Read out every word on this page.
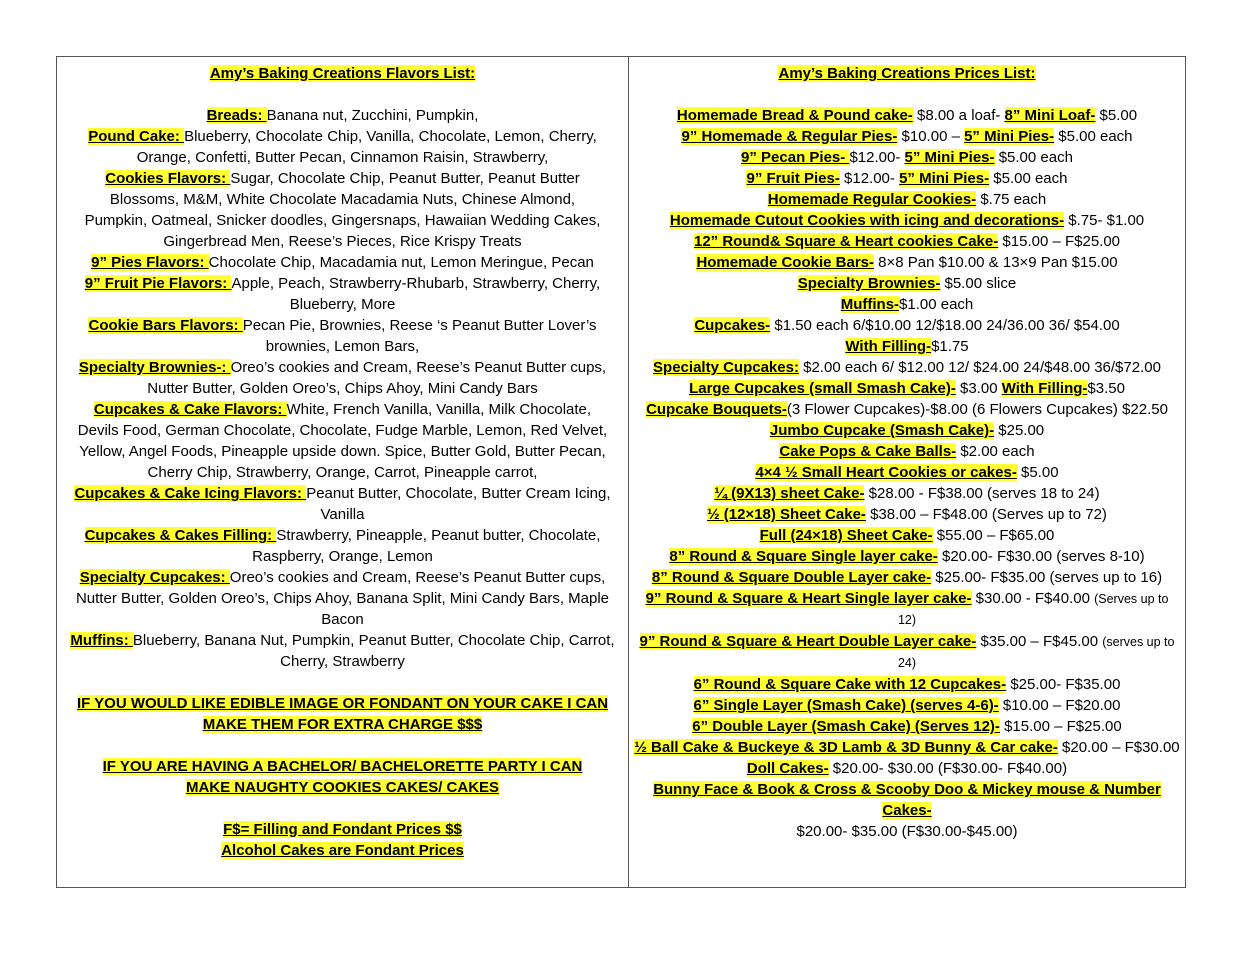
Amy’s Baking Creations Flavors List:

Breads: Banana nut, Zucchini, Pumpkin,

Pound Cake: Blueberry, Chocolate Chip, Vanilla, Chocolate, Lemon, Cherry,

Orange, Confetti, Butter Pecan, Cinnamon Raisin, Strawberry,

Cookies Flavors: Sugar, Chocolate Chip, Peanut Butter, Peanut Butter

Blossoms, M&M, White Chocolate Macadamia Nuts, Chinese Almond,

Pumpkin, Oatmeal, Snicker doodles, Gingersnaps, Hawaiian Wedding Cakes,

Gingerbread Men, Reese’s Pieces, Rice Krispy Treats

9” Pies Flavors: Chocolate Chip, Macadamia nut, Lemon Meringue, Pecan

9” Fruit Pie Flavors: Apple, Peach, Strawberry-Rhubarb, Strawberry, Cherry,

Blueberry, More

Cookie Bars Flavors: Pecan Pie, Brownies, Reese ‘s Peanut Butter Lover’s

brownies, Lemon Bars,

Specialty Brownies-: Oreo’s cookies and Cream, Reese’s Peanut Butter cups,

Nutter Butter, Golden Oreo’s, Chips Ahoy, Mini Candy Bars

Cupcakes & Cake Flavors: White, French Vanilla, Vanilla, Milk Chocolate,

Devils Food, German Chocolate, Chocolate, Fudge Marble, Lemon, Red Velvet,

Yellow, Angel Foods, Pineapple upside down. Spice, Butter Gold, Butter Pecan,

Cherry Chip, Strawberry, Orange, Carrot, Pineapple carrot,

Cupcakes & Cake Icing Flavors: Peanut Butter, Chocolate, Butter Cream Icing,

Vanilla

Cupcakes & Cakes Filling: Strawberry, Pineapple, Peanut butter, Chocolate,

Raspberry, Orange, Lemon

Specialty Cupcakes: Oreo’s cookies and Cream, Reese’s Peanut Butter cups,

Nutter Butter, Golden Oreo’s, Chips Ahoy, Banana Split, Mini Candy Bars, Maple

Bacon

Muffins: Blueberry, Banana Nut, Pumpkin, Peanut Butter, Chocolate Chip, Carrot,

Cherry, Strawberry

IF YOU WOULD LIKE EDIBLE IMAGE OR FONDANT ON YOUR CAKE I CAN MAKE THEM FOR EXTRA CHARGE $$$

IF YOU ARE HAVING A BACHELOR/ BACHELORETTE PARTY I CAN MAKE NAUGHTY COOKIES CAKES/ CAKES

F$= Filling and Fondant Prices $$

Alcohol Cakes are Fondant Prices

Amy’s Baking Creations Prices List:

Homemade Bread & Pound cake- $8.00 a loaf- 8” Mini Loaf- $5.00

9” Homemade & Regular Pies- $10.00 – 5” Mini Pies- $5.00 each

9” Pecan Pies- $12.00- 5” Mini Pies- $5.00 each

9” Fruit Pies- $12.00- 5” Mini Pies- $5.00 each

Homemade Regular Cookies- $.75 each

Homemade Cutout Cookies with icing and decorations- $.75- $1.00

12” Round& Square & Heart cookies Cake- $15.00 – F$25.00

Homemade Cookie Bars- 8×8 Pan $10.00 & 13×9 Pan $15.00

Specialty Brownies- $5.00 slice

Muffins-$1.00 each

Cupcakes- $1.50 each 6/$10.00 12/$18.00 24/36.00 36/ $54.00

With Filling-$1.75

Specialty Cupcakes: $2.00 each 6/ $12.00 12/ $24.00 24/$48.00 36/$72.00

Large Cupcakes (small Smash Cake)- $3.00 With Filling-$3.50

Cupcake Bouquets-(3 Flower Cupcakes)-$8.00 (6 Flowers Cupcakes) $22.50

Jumbo Cupcake (Smash Cake)- $25.00

Cake Pops & Cake Balls- $2.00 each

4×4 ½ Small Heart Cookies or cakes- $5.00

¼ (9X13) sheet Cake- $28.00 - F$38.00 (serves 18 to 24)

½ (12×18) Sheet Cake- $38.00 – F$48.00 (Serves up to 72)

Full (24×18) Sheet Cake- $55.00 – F$65.00

8” Round & Square Single layer cake- $20.00- F$30.00 (serves 8-10)

8” Round & Square Double Layer cake- $25.00- F$35.00 (serves up to 16)

9” Round & Square & Heart Single layer cake- $30.00 - F$40.00 (Serves up to

12)

9” Round & Square & Heart Double Layer cake- $35.00 – F$45.00 (serves up to

24)

6” Round & Square Cake with 12 Cupcakes- $25.00- F$35.00

6” Single Layer (Smash Cake) (serves 4-6)- $10.00 – F$20.00

6” Double Layer (Smash Cake) (Serves 12)- $15.00 – F$25.00

½ Ball Cake & Buckeye & 3D Lamb & 3D Bunny & Car cake- $20.00 – F$30.00

Doll Cakes- $20.00- $30.00 (F$30.00- F$40.00)

Bunny Face & Book & Cross & Scooby Doo & Mickey mouse & Number

Cakes-

$20.00- $35.00 (F$30.00-$45.00)
